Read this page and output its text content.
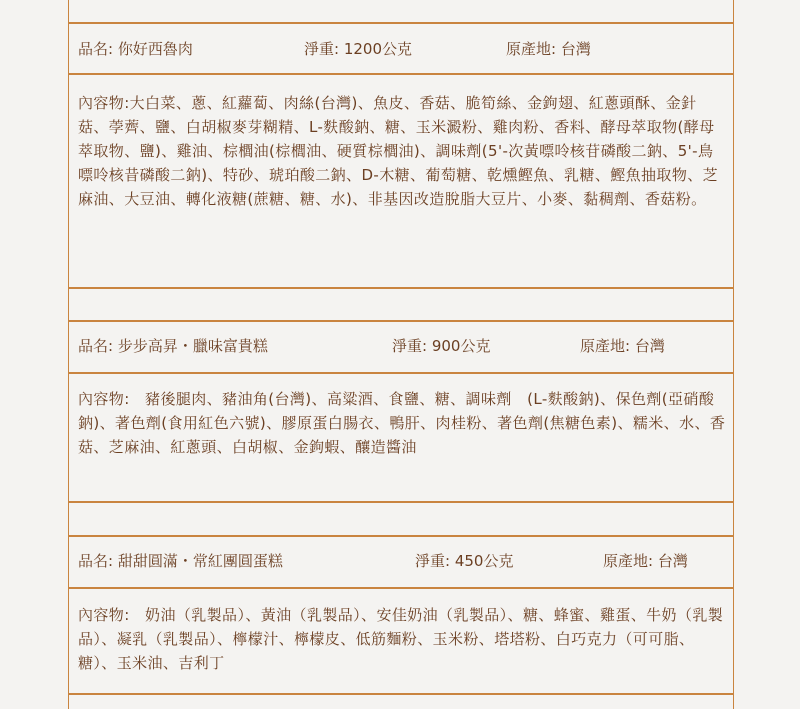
品名: 你好西魯肉	淨重: 1200公克	原產地: 台灣
內容物:大白菜、蔥、紅蘿蔔、肉絲(台灣)、魚皮、香菇、脆筍絲、金鉤翅、紅蔥頭酥、金針菇、荸薺、鹽、白胡椒麥芽糊精、L-麩酸鈉、糖、玉米澱粉、雞肉粉、香料、酵母萃取物(酵母萃取物、鹽)、雞油、棕櫚油(棕櫚油、硬質棕櫚油)、調味劑(5'-次黃嘌呤核苷磷酸二鈉、5'-鳥嘌呤核昔磷酸二鈉)、特砂、琥珀酸二鈉、D-木糖、葡萄糖、乾燻鰹魚、乳糖、鰹魚抽取物、芝麻油、大豆油、轉化液糖(蔗糖、糖、水)、非基因改造脫脂大豆片、小麥、黏稠劑、香菇粉。
品名: 步步高昇・臘味富貴糕	淨重: 900公克	原產地: 台灣
內容物:　豬後腿肉、豬油角(台灣)、高粱酒、食鹽、糖、調味劑　(L-麩酸鈉)、保色劑(亞硝酸鈉)、著色劑(食用紅色六號)、膠原蛋白腸衣、鴨肝、肉桂粉、著色劑(焦糖色素)、糯米、水、香菇、芝麻油、紅蔥頭、白胡椒、金鉤蝦、釀造醬油
品名: 甜甜圓滿・常紅團圓蛋糕	淨重: 450公克	原產地: 台灣
內容物:　奶油（乳製品）、黃油（乳製品）、安佳奶油（乳製品）、糖、蜂蜜、雞蛋、牛奶（乳製品）、凝乳（乳製品）、檸檬汁、檸檬皮、低筋麵粉、玉米粉、塔塔粉、白巧克力（可可脂、糖）、玉米油、吉利丁
